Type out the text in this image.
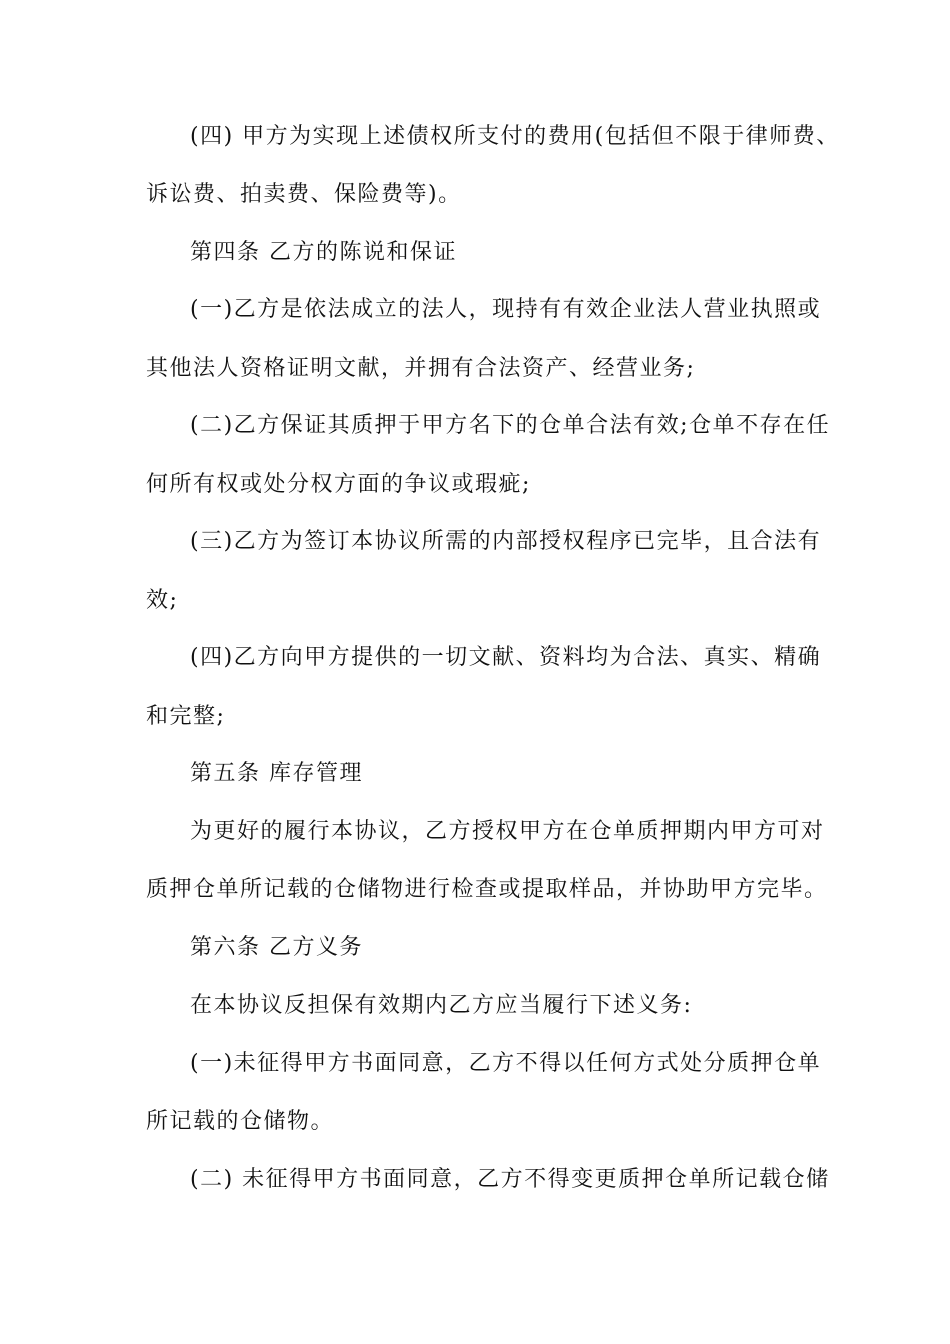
(四) 甲方为实现上述债权所支付的费用(包括但不限于律师费、
诉讼费、拍卖费、保险费等)。
第四条 乙方的陈说和保证
(一)乙方是依法成立的法人，现持有有效企业法人营业执照或
其他法人资格证明文献，并拥有合法资产、经营业务;
(二)乙方保证其质押于甲方名下的仓单合法有效;仓单不存在任
何所有权或处分权方面的争议或瑕疵;
(三)乙方为签订本协议所需的内部授权程序已完毕，且合法有
效;
(四)乙方向甲方提供的一切文献、资料均为合法、真实、精确
和完整;
第五条 库存管理
为更好的履行本协议，乙方授权甲方在仓单质押期内甲方可对
质押仓单所记载的仓储物进行检查或提取样品，并协助甲方完毕。
第六条 乙方义务
在本协议反担保有效期内乙方应当履行下述义务:
(一)未征得甲方书面同意，乙方不得以任何方式处分质押仓单
所记载的仓储物。
(二) 未征得甲方书面同意，乙方不得变更质押仓单所记载仓储
